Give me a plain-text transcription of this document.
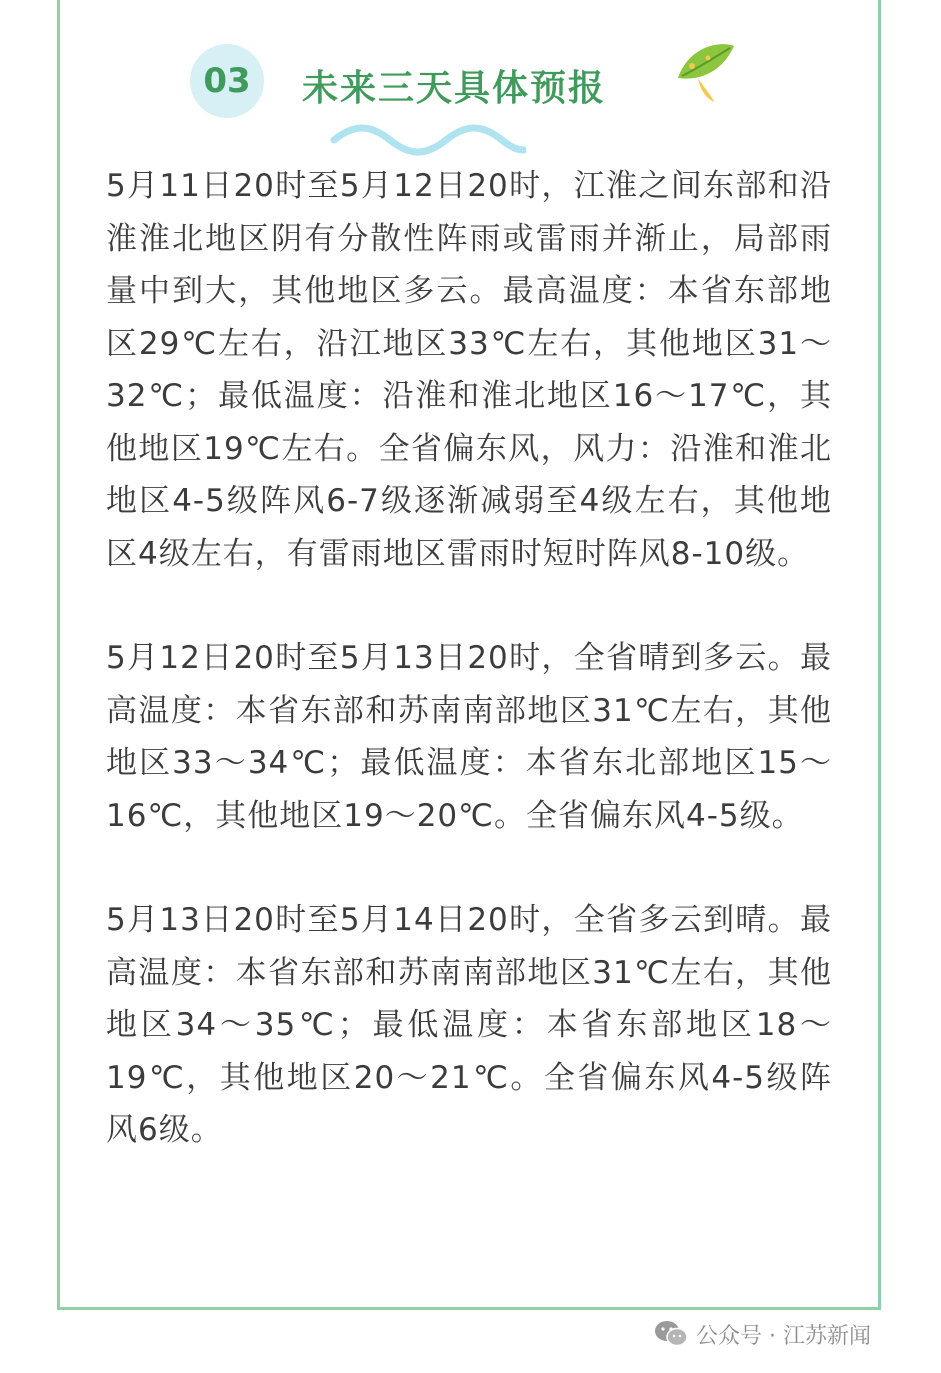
03	未来三天具体预报

5月11日20时至5月12日20时，江淮之间东部和沿淮淮北地区阴有分散性阵雨或雷雨并渐止，局部雨量中到大，其他地区多云。最高温度：本省东部地区29℃左右，沿江地区33℃左右，其他地区31～32℃；最低温度：沿淮和淮北地区16～17℃，其他地区19℃左右。全省偏东风，风力：沿淮和淮北地区4-5级阵风6-7级逐渐减弱至4级左右，其他地区4级左右，有雷雨地区雷雨时短时阵风8-10级。

5月12日20时至5月13日20时，全省晴到多云。最高温度：本省东部和苏南南部地区31℃左右，其他地区33～34℃；最低温度：本省东北部地区15～16℃，其他地区19～20℃。全省偏东风4-5级。

5月13日20时至5月14日20时，全省多云到晴。最高温度：本省东部和苏南南部地区31℃左右，其他地区34～35℃；最低温度：本省东部地区18～19℃，其他地区20～21℃。全省偏东风4-5级阵风6级。

公众号 · 江苏新闻
